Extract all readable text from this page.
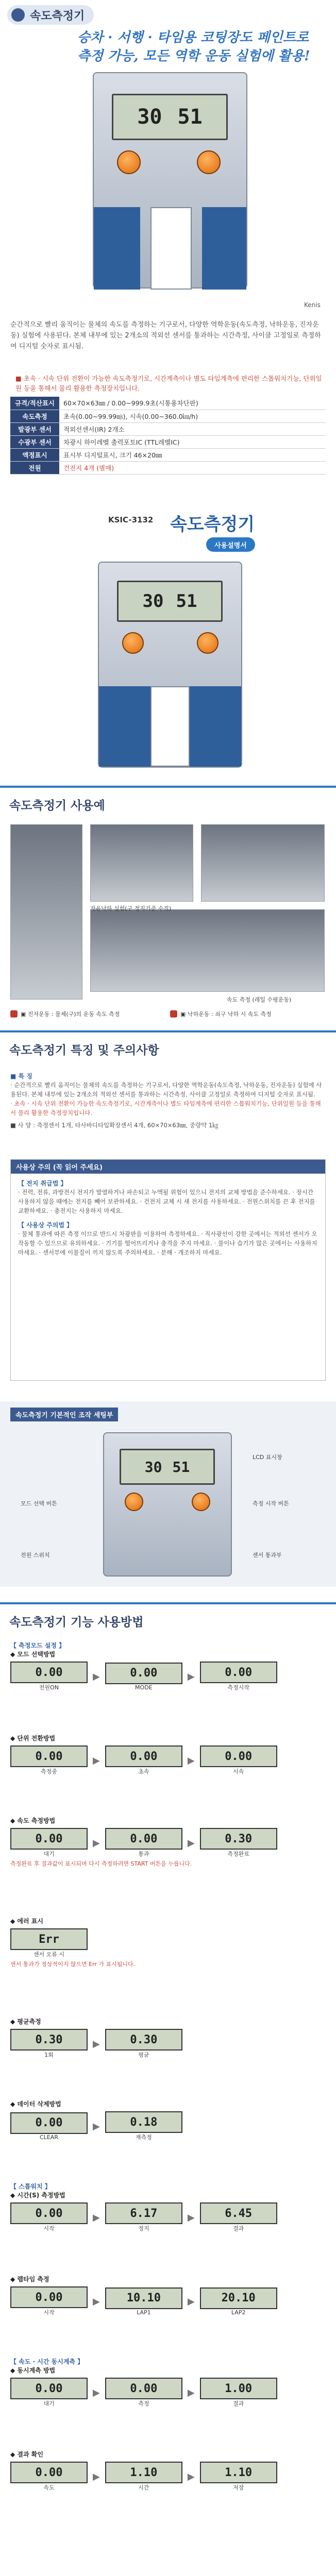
속도측정기
승차 · 서행 · 타임용 코팅장도 페인트로
측정 가능, 모든 역학 운동 실험에 활용!
30 51
Kenis
순간적으로 빨리 움직이는 물체의 속도를 측정하는 기구로서, 다양한 역학운동(속도측정, 낙하운동, 진자운동) 실험에 사용된다. 본체 내부에 있는 2개소의 적외선 센서를 통과하는 시간측정, 사이클 고정일로 측정하여 디지털 숫자로 표시됨.
■ 초속 · 시속 단위 전환이 가능한 속도측정기로, 시간계측이나 별도 타임계측에 편리한 스톱워치기능, 단위일원 등을 통해서 물리 활용한 측정장치입니다.
규격/적산표시	60×70×63㎜ / 0.00~999.9초(시통용차단판)
속도측정	초속(0.00~99.99㎧), 시속(0.00~360.0㎞/h)
발광부 센서	적외선센서(IR) 2개소
수광부 센서	차광시 하이레벨 출력포토IC (TTL레벨IC)
액정표시	표시부 디지털표시, 크기 46×20㎜
전원	건전지 4개 (별매)
KSIC-3132 속도측정기
사용설명서
30 51
속도측정기 사용예
자유낙하 실험(구 정지기준 수직)
속도 측정 (레일 수평운동)
▣ 진자운동 : 물체(구)의 운동 속도 측정	▣ 낙하운동 : 쇠구 낙하 시 속도 측정
속도측정기 특징 및 주의사항
■ 특 징
· 순간적으로 빨리 움직이는 물체의 속도를 측정하는 기구로서, 다양한 역학운동(속도측정, 낙하운동, 진자운동) 실험에 사용된다. 본체 내부에 있는 2개소의 적외선 센서를 통과하는 시간측정, 사이클 고정일로 측정하여 디지털 숫자로 표시됨.
· 초속 · 시속 단위 전환이 가능한 속도측정기로, 시간계측이나 별도 타임계측에 편리한 스톱워치기능, 단위일원 등을 통해서 물리 활용한 측정장치입니다.
■ 사 양 : 측정센서 1개, 타사바디타입확장센서 4개, 60×70×63㎜, 중량약 1㎏
사용상 주의 (꼭 읽어 주세요)
【 전지 취급법 】
· 전력, 전류, 과방전시 전지가 발열하거나 파손되고 누액될 위험이 있으니 전지의 교체 방법을 준수하세요. · 장시간 사용하지 않을 때에는 전지를 빼어 보관하세요. · 건전지 교체 시 새 전지를 사용하세요. · 전원스위치를 끈 후 전지를 교환하세요. · 충전지는 사용하지 마세요.
【 사용상 주의법 】
· 물체 통과에 따른 측정 이므로 반드시 차광판을 이용하여 측정하세요. · 직사광선이 강한 곳에서는 적외선 센서가 오작동할 수 있으므로 유의하세요. · 기기를 떨어뜨리거나 충격을 주지 마세요. · 물이나 습기가 많은 곳에서는 사용하지 마세요. · 센서부에 이물질이 끼지 않도록 주의하세요. · 분해 · 개조하지 마세요.
속도측정기 기본적인 조작 세팅부
30 51
모드 선택 버튼	측정 시작 버튼
LCD 표시창
센서 통과부
전원 스위치
속도측정기 기능 사용방법
【 측정모드 설정 】
◆ 모드 선택방법
0.00
전원ON
▶	0.00
MODE
▶	0.00
측정시작
◆ 단위 전환방법
0.00
측정중
▶	0.00
초속
▶	0.00
시속
◆ 속도 측정방법
0.00
대기
▶	0.00
통과
▶	0.30
측정완료
측정완료 후 결과값이 표시되며 다시 측정하려면 START 버튼을 누릅니다.
◆ 에러 표시
Err
센서 오류 시
센서 통과가 정상적이지 않으면 Err 가 표시됩니다.
◆ 평균측정
0.30
1회
▶	0.30
평균
◆ 데이터 삭제방법
0.00
CLEAR
▶	0.18
재측정
【 스톱워치 】
◆ 시간(S) 측정방법
0.00
시작
▶	6.17
정지
▶	6.45
결과
◆ 랩타임 측정
0.00
시작
▶ 10.10
LAP1
▶ 20.10
LAP2
【 속도 · 시간 동시계측 】
◆ 동시계측 방법
0.00
대기
▶	0.00
측정
▶	1.00
결과
◆ 결과 확인
0.00
속도
▶	1.10
시간
▶	1.10
저장
